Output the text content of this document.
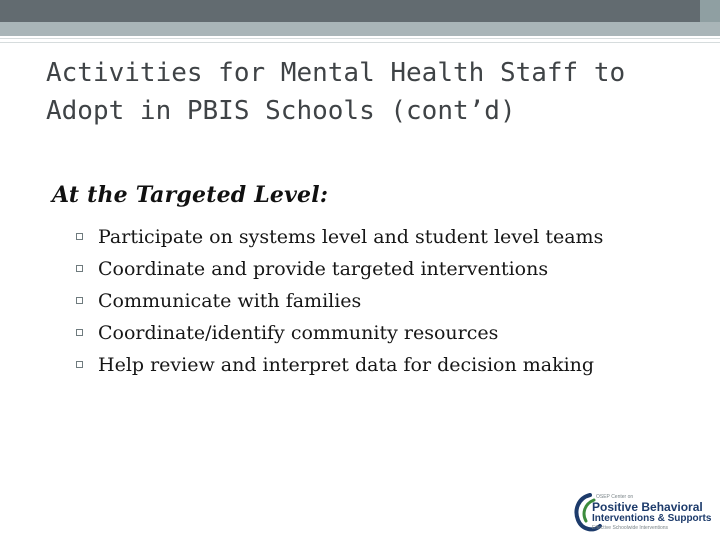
Activities for Mental Health Staff to Adopt in PBIS Schools (cont’d)

At the Targeted Level:

Participate on systems level and student level teams
Coordinate and provide targeted interventions
Communicate with families
Coordinate/identify community resources
Help review and interpret data for decision making
OSEP Center on
Positive Behavioral
Interventions & Supports
Effective Schoolwide Interventions
